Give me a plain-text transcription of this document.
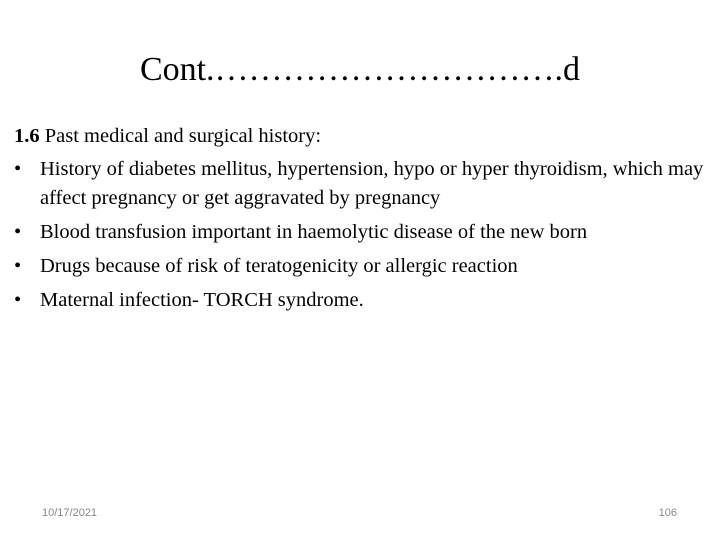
Cont.………………………….d
1.6 Past medical and surgical history:
• History of diabetes mellitus, hypertension, hypo or hyper thyroidism, which may affect pregnancy or get aggravated by pregnancy
• Blood transfusion important in haemolytic disease of the new born
• Drugs because of risk of teratogenicity or allergic reaction
• Maternal infection- TORCH syndrome.
10/17/2021	106
